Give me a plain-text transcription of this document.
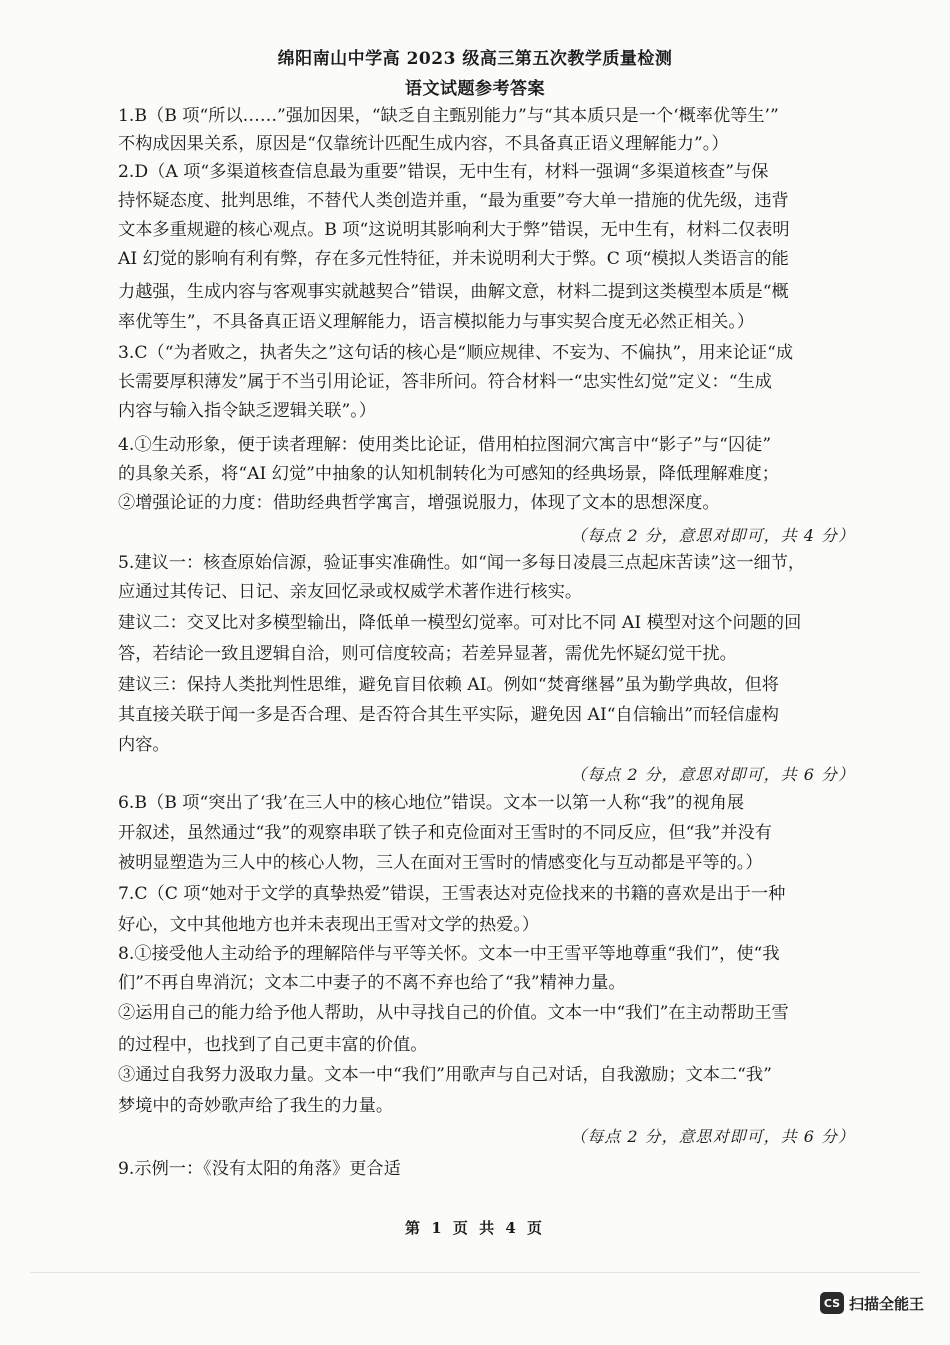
绵阳南山中学高 2023 级高三第五次教学质量检测
语文试题参考答案
1.B（B 项“所以……”强加因果，“缺乏自主甄别能力”与“其本质只是一个‘概率优等生’”
不构成因果关系，原因是“仅靠统计匹配生成内容，不具备真正语义理解能力”。）
2.D（A 项“多渠道核查信息最为重要”错误，无中生有，材料一强调“多渠道核查”与保
持怀疑态度、批判思维，不替代人类创造并重，“最为重要”夸大单一措施的优先级，违背
文本多重规避的核心观点。B 项“这说明其影响利大于弊”错误，无中生有，材料二仅表明
AI 幻觉的影响有利有弊，存在多元性特征，并未说明利大于弊。C 项“模拟人类语言的能
力越强，生成内容与客观事实就越契合”错误，曲解文意，材料二提到这类模型本质是“概
率优等生”，不具备真正语义理解能力，语言模拟能力与事实契合度无必然正相关。）
3.C（“为者败之，执者失之”这句话的核心是“顺应规律、不妄为、不偏执”，用来论证“成
长需要厚积薄发”属于不当引用论证，答非所问。符合材料一“忠实性幻觉”定义：“生成
内容与输入指令缺乏逻辑关联”。）
4.①生动形象，便于读者理解：使用类比论证，借用柏拉图洞穴寓言中“影子”与“囚徒”
的具象关系，将“AI 幻觉”中抽象的认知机制转化为可感知的经典场景，降低理解难度；
②增强论证的力度：借助经典哲学寓言，增强说服力，体现了文本的思想深度。
（每点 2 分，意思对即可，共 4 分）
5.建议一：核查原始信源，验证事实准确性。如“闻一多每日凌晨三点起床苦读”这一细节，
应通过其传记、日记、亲友回忆录或权威学术著作进行核实。
建议二：交叉比对多模型输出，降低单一模型幻觉率。可对比不同 AI 模型对这个问题的回
答，若结论一致且逻辑自洽，则可信度较高；若差异显著，需优先怀疑幻觉干扰。
建议三：保持人类批判性思维，避免盲目依赖 AI。例如“焚膏继晷”虽为勤学典故，但将
其直接关联于闻一多是否合理、是否符合其生平实际，避免因 AI“自信输出”而轻信虚构
内容。
（每点 2 分，意思对即可，共 6 分）
6.B（B 项“突出了‘我’在三人中的核心地位”错误。文本一以第一人称“我”的视角展
开叙述，虽然通过“我”的观察串联了铁子和克俭面对王雪时的不同反应，但“我”并没有
被明显塑造为三人中的核心人物，三人在面对王雪时的情感变化与互动都是平等的。）
7.C（C 项“她对于文学的真挚热爱”错误，王雪表达对克俭找来的书籍的喜欢是出于一种
好心，文中其他地方也并未表现出王雪对文学的热爱。）
8.①接受他人主动给予的理解陪伴与平等关怀。文本一中王雪平等地尊重“我们”，使“我
们”不再自卑消沉；文本二中妻子的不离不弃也给了“我”精神力量。
②运用自己的能力给予他人帮助，从中寻找自己的价值。文本一中“我们”在主动帮助王雪
的过程中，也找到了自己更丰富的价值。
③通过自我努力汲取力量。文本一中“我们”用歌声与自己对话，自我激励；文本二“我”
梦境中的奇妙歌声给了我生的力量。
（每点 2 分，意思对即可，共 6 分）
9.示例一：《没有太阳的角落》更合适
第 1 页 共 4 页
CS 扫描全能王
